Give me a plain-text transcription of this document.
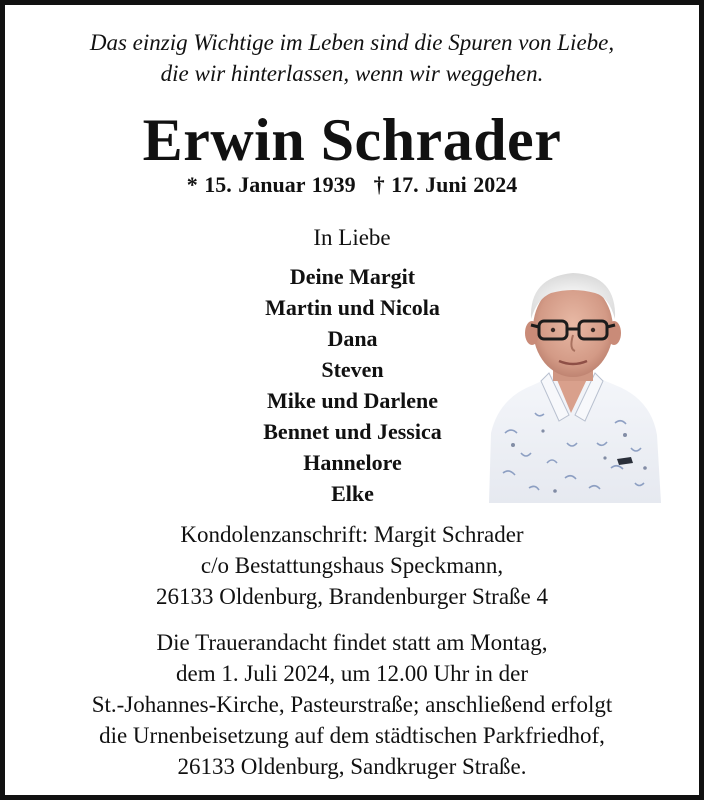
Das einzig Wichtige im Leben sind die Spuren von Liebe,
die wir hinterlassen, wenn wir weggehen.
Erwin Schrader
* 15. Januar 1939 † 17. Juni 2024
In Liebe
Deine Margit
Martin und Nicola
Dana
Steven
Mike und Darlene
Bennet und Jessica
Hannelore
Elke
Kondolenzanschrift: Margit Schrader
c/o Bestattungshaus Speckmann,
26133 Oldenburg, Brandenburger Straße 4
Die Trauerandacht findet statt am Montag,
dem 1. Juli 2024, um 12.00 Uhr in der
St.-Johannes-Kirche, Pasteurstraße; anschließend erfolgt
die Urnenbeisetzung auf dem städtischen Parkfriedhof,
26133 Oldenburg, Sandkruger Straße.
